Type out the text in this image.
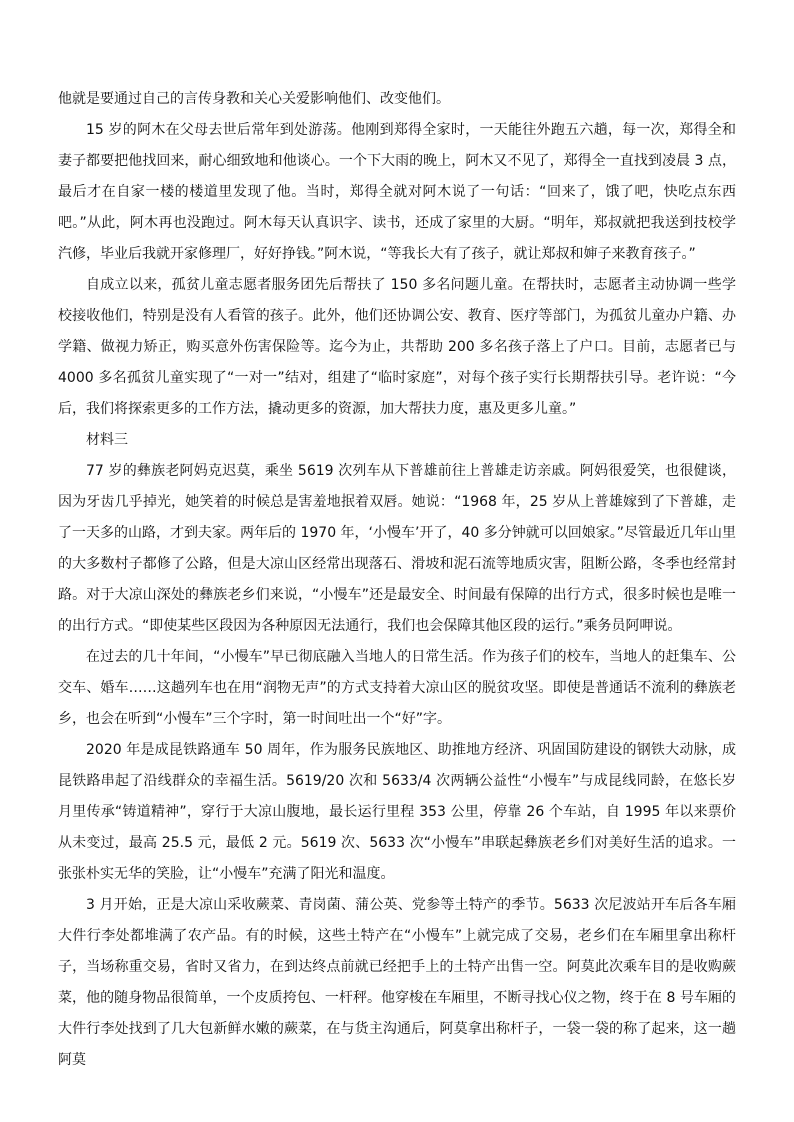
他就是要通过自己的言传身教和关心关爱影响他们、改变他们。

15 岁的阿木在父母去世后常年到处游荡。他刚到郑得全家时，一天能往外跑五六趟，每一次，郑得全和妻子都要把他找回来，耐心细致地和他谈心。一个下大雨的晚上，阿木又不见了，郑得全一直找到凌晨 3 点，最后才在自家一楼的楼道里发现了他。当时，郑得全就对阿木说了一句话：“回来了，饿了吧，快吃点东西吧。”从此，阿木再也没跑过。阿木每天认真识字、读书，还成了家里的大厨。“明年，郑叔就把我送到技校学汽修，毕业后我就开家修理厂，好好挣钱。”阿木说，“等我长大有了孩子，就让郑叔和婶子来教育孩子。”

自成立以来，孤贫儿童志愿者服务团先后帮扶了 150 多名问题儿童。在帮扶时，志愿者主动协调一些学校接收他们，特别是没有人看管的孩子。此外，他们还协调公安、教育、医疗等部门，为孤贫儿童办户籍、办学籍、做视力矫正，购买意外伤害保险等。迄今为止，共帮助 200 多名孩子落上了户口。目前，志愿者已与 4000 多名孤贫儿童实现了“一对一”结对，组建了“临时家庭”，对每个孩子实行长期帮扶引导。老许说：“今后，我们将探索更多的工作方法，撬动更多的资源，加大帮扶力度，惠及更多儿童。”

材料三

77 岁的彝族老阿妈克迟莫，乘坐 5619 次列车从下普雄前往上普雄走访亲戚。阿妈很爱笑，也很健谈，因为牙齿几乎掉光，她笑着的时候总是害羞地抿着双唇。她说：“1968 年，25 岁从上普雄嫁到了下普雄，走了一天多的山路，才到夫家。两年后的 1970 年，‘小慢车’开了，40 多分钟就可以回娘家。”尽管最近几年山里的大多数村子都修了公路，但是大凉山区经常出现落石、滑坡和泥石流等地质灾害，阻断公路，冬季也经常封路。对于大凉山深处的彝族老乡们来说，“小慢车”还是最安全、时间最有保障的出行方式，很多时候也是唯一的出行方式。“即使某些区段因为各种原因无法通行，我们也会保障其他区段的运行。”乘务员阿呷说。

在过去的几十年间，“小慢车”早已彻底融入当地人的日常生活。作为孩子们的校车，当地人的赶集车、公交车、婚车……这趟列车也在用“润物无声”的方式支持着大凉山区的脱贫攻坚。即使是普通话不流利的彝族老乡，也会在听到“小慢车”三个字时，第一时间吐出一个“好”字。

2020 年是成昆铁路通车 50 周年，作为服务民族地区、助推地方经济、巩固国防建设的钢铁大动脉，成昆铁路串起了沿线群众的幸福生活。5619/20 次和 5633/4 次两辆公益性“小慢车”与成昆线同龄，在悠长岁月里传承“铸道精神”，穿行于大凉山腹地，最长运行里程 353 公里，停靠 26 个车站，自 1995 年以来票价从未变过，最高 25.5 元，最低 2 元。5619 次、5633 次“小慢车”串联起彝族老乡们对美好生活的追求。一张张朴实无华的笑脸，让“小慢车”充满了阳光和温度。

3 月开始，正是大凉山采收蕨菜、青岗菌、蒲公英、党参等土特产的季节。5633 次尼波站开车后各车厢大件行李处都堆满了农产品。有的时候，这些土特产在“小慢车”上就完成了交易，老乡们在车厢里拿出称杆子，当场称重交易，省时又省力，在到达终点前就已经把手上的土特产出售一空。阿莫此次乘车目的是收购蕨菜，他的随身物品很简单，一个皮质挎包、一杆秤。他穿梭在车厢里，不断寻找心仪之物，终于在 8 号车厢的大件行李处找到了几大包新鲜水嫩的蕨菜，在与货主沟通后，阿莫拿出称杆子，一袋一袋的称了起来，这一趟阿莫
